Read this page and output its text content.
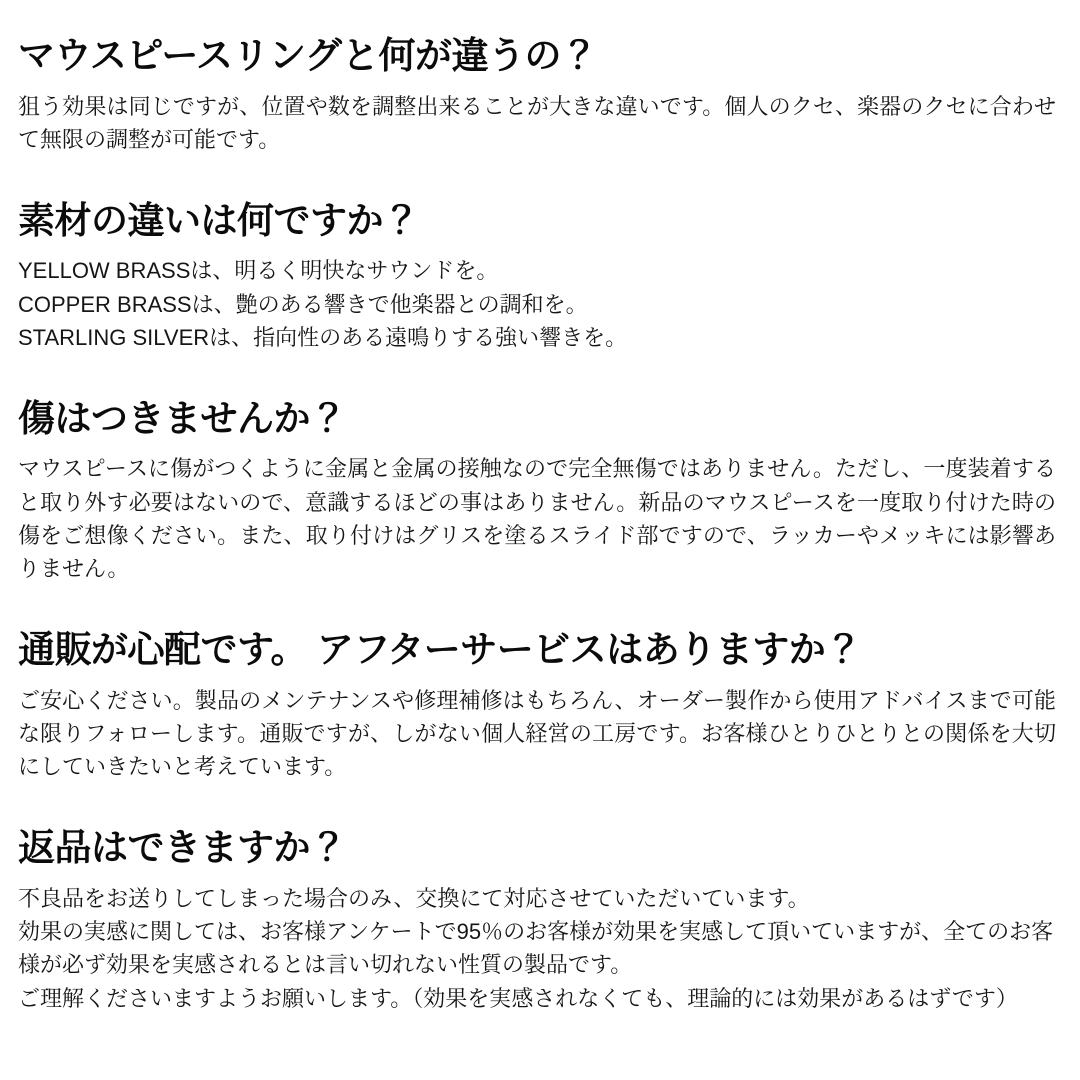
マウスピースリングと何が違うの？

狙う効果は同じですが、位置や数を調整出来ることが大きな違いです。個人のクセ、楽器のクセに合わせて無限の調整が可能です。

素材の違いは何ですか？

YELLOW BRASSは、明るく明快なサウンドを。
COPPER BRASSは、艶のある響きで他楽器との調和を。
STARLING SILVERは、指向性のある遠鳴りする強い響きを。

傷はつきませんか？

マウスピースに傷がつくように金属と金属の接触なので完全無傷ではありません。ただし、一度装着すると取り外す必要はないので、意識するほどの事はありません。新品のマウスピースを一度取り付けた時の傷をご想像ください。また、取り付けはグリスを塗るスライド部ですので、ラッカーやメッキには影響ありません。

通販が心配です。 アフターサービスはありますか？

ご安心ください。製品のメンテナンスや修理補修はもちろん、オーダー製作から使用アドバイスまで可能な限りフォローします。通販ですが、しがない個人経営の工房です。お客様ひとりひとりとの関係を大切にしていきたいと考えています。

返品はできますか？

不良品をお送りしてしまった場合のみ、交換にて対応させていただいています。
効果の実感に関しては、お客様アンケートで95％のお客様が効果を実感して頂いていますが、全てのお客様が必ず効果を実感されるとは言い切れない性質の製品です。
ご理解くださいますようお願いします。（効果を実感されなくても、理論的には効果があるはずです）
